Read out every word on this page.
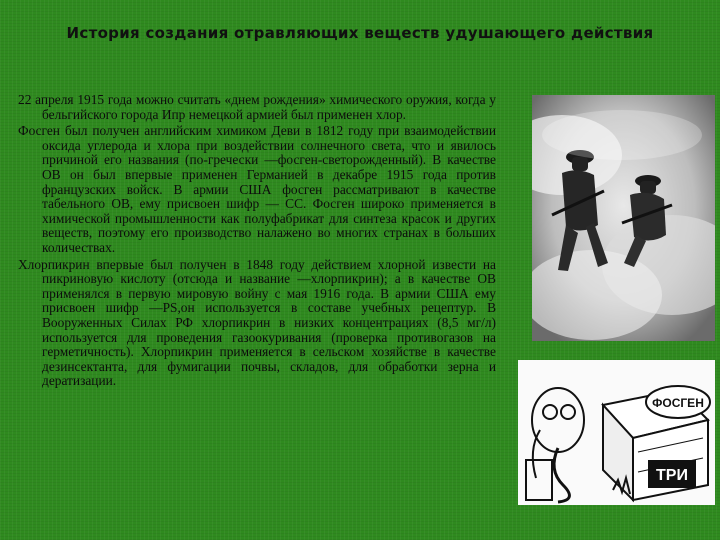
История создания отравляющих веществ удушающего действия

22 апреля 1915 года можно считать «днем рождения» химического оружия, когда у бельгийского города Ипр немецкой армией был применен хлор.

Фосген был получен английским химиком Деви в 1812 году при взаимодействии оксида углерода и хлора при воздействии солнечного света, что и явилось причиной его названия (по-гречески —фосген-светорожденный). В качестве ОВ он был впервые применен Германией в декабре 1915 года против французских войск. В армии США фосген рассматривают в качестве табельного ОВ, ему присвоен шифр — СС. Фосген широко применяется в химической промышленности как полуфабрикат для синтеза красок и других веществ, поэтому его производство налажено во многих странах в больших количествах.

Хлорпикрин впервые был получен в 1848 году действием хлорной извести на пикриновую кислоту (отсюда и название —хлорпикрин); а в качестве ОВ применялся в первую мировую войну с мая 1916 года. В армии США ему присвоен шифр —PS,он используется в составе учебных рецептур. В Вооруженных Силах РФ хлорпикрин в низких концентрациях (8,5 мг/л) используется для проведения газоокуривания (проверка противогазов на герметичность). Хлорпикрин применяется в сельском хозяйстве в качестве дезинсектанта, для фумигации почвы, складов, для обработки зерна и дератизации.

ФОСГЕН
ТРИ
